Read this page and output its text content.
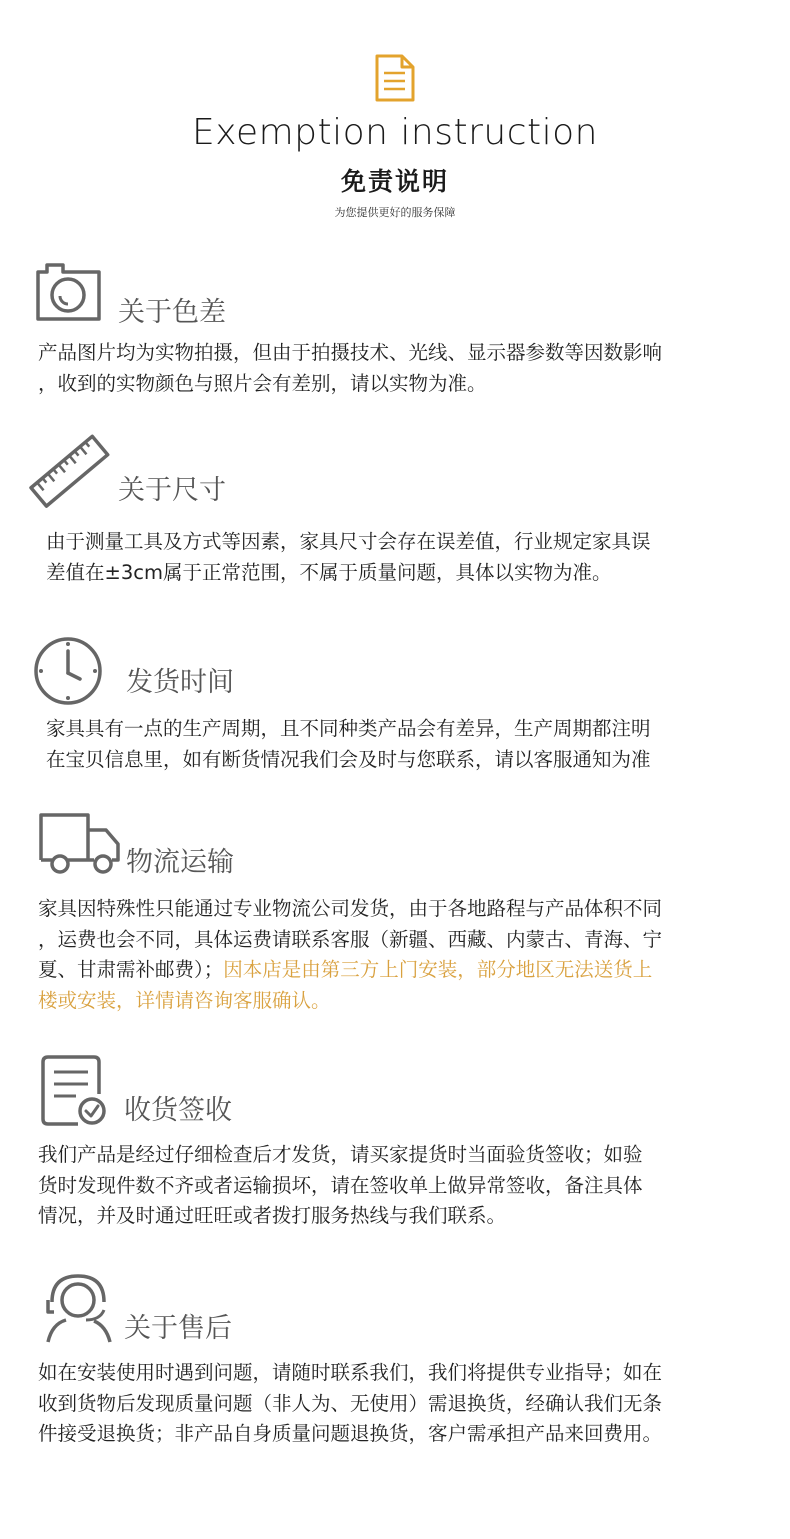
Exemption instruction
免责说明
为您提供更好的服务保障
关于色差
产品图片均为实物拍摄，但由于拍摄技术、光线、显示器参数等因数影响
，收到的实物颜色与照片会有差别，请以实物为准。
关于尺寸
由于测量工具及方式等因素，家具尺寸会存在误差值，行业规定家具误
差值在±3cm属于正常范围，不属于质量问题，具体以实物为准。
发货时间
家具具有一点的生产周期，且不同种类产品会有差异，生产周期都注明
在宝贝信息里，如有断货情况我们会及时与您联系，请以客服通知为准
物流运输
家具因特殊性只能通过专业物流公司发货，由于各地路程与产品体积不同
，运费也会不同，具体运费请联系客服（新疆、西藏、内蒙古、青海、宁
夏、甘肃需补邮费）；因本店是由第三方上门安装，部分地区无法送货上
楼或安装，详情请咨询客服确认。
收货签收
我们产品是经过仔细检查后才发货，请买家提货时当面验货签收；如验
货时发现件数不齐或者运输损坏，请在签收单上做异常签收，备注具体
情况，并及时通过旺旺或者拨打服务热线与我们联系。
关于售后
如在安装使用时遇到问题，请随时联系我们，我们将提供专业指导；如在
收到货物后发现质量问题（非人为、无使用）需退换货，经确认我们无条
件接受退换货；非产品自身质量问题退换货，客户需承担产品来回费用。
